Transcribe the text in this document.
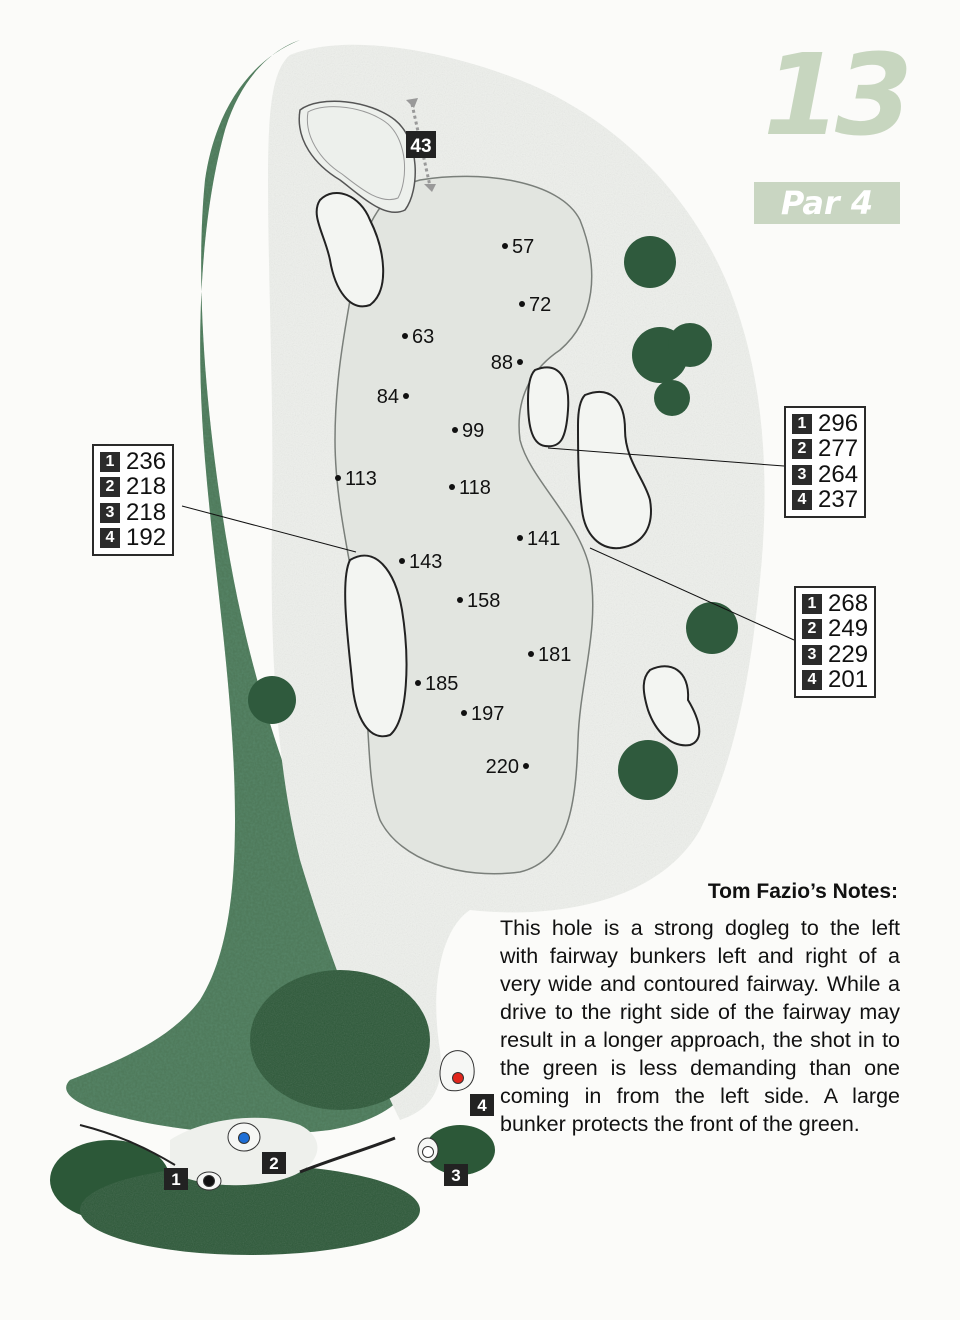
1
2
3
4
43
57
72
63
88
84
99
113	118
141
143
158
181
185
197
220
13
Par 4
1 236
2 218
3 218
4 192
1 296
2 277
3 264
4 237
1 268
2 249
3 229
4 201
Tom Fazio’s Notes:
This hole is a strong dogleg to the left with fairway bunkers left and right of a very wide and contoured fairway. While a drive to the right side of the fairway may result in a longer approach, the shot in to the green is less demanding than one coming in from the left side. A large bunker protects the front of the green.
